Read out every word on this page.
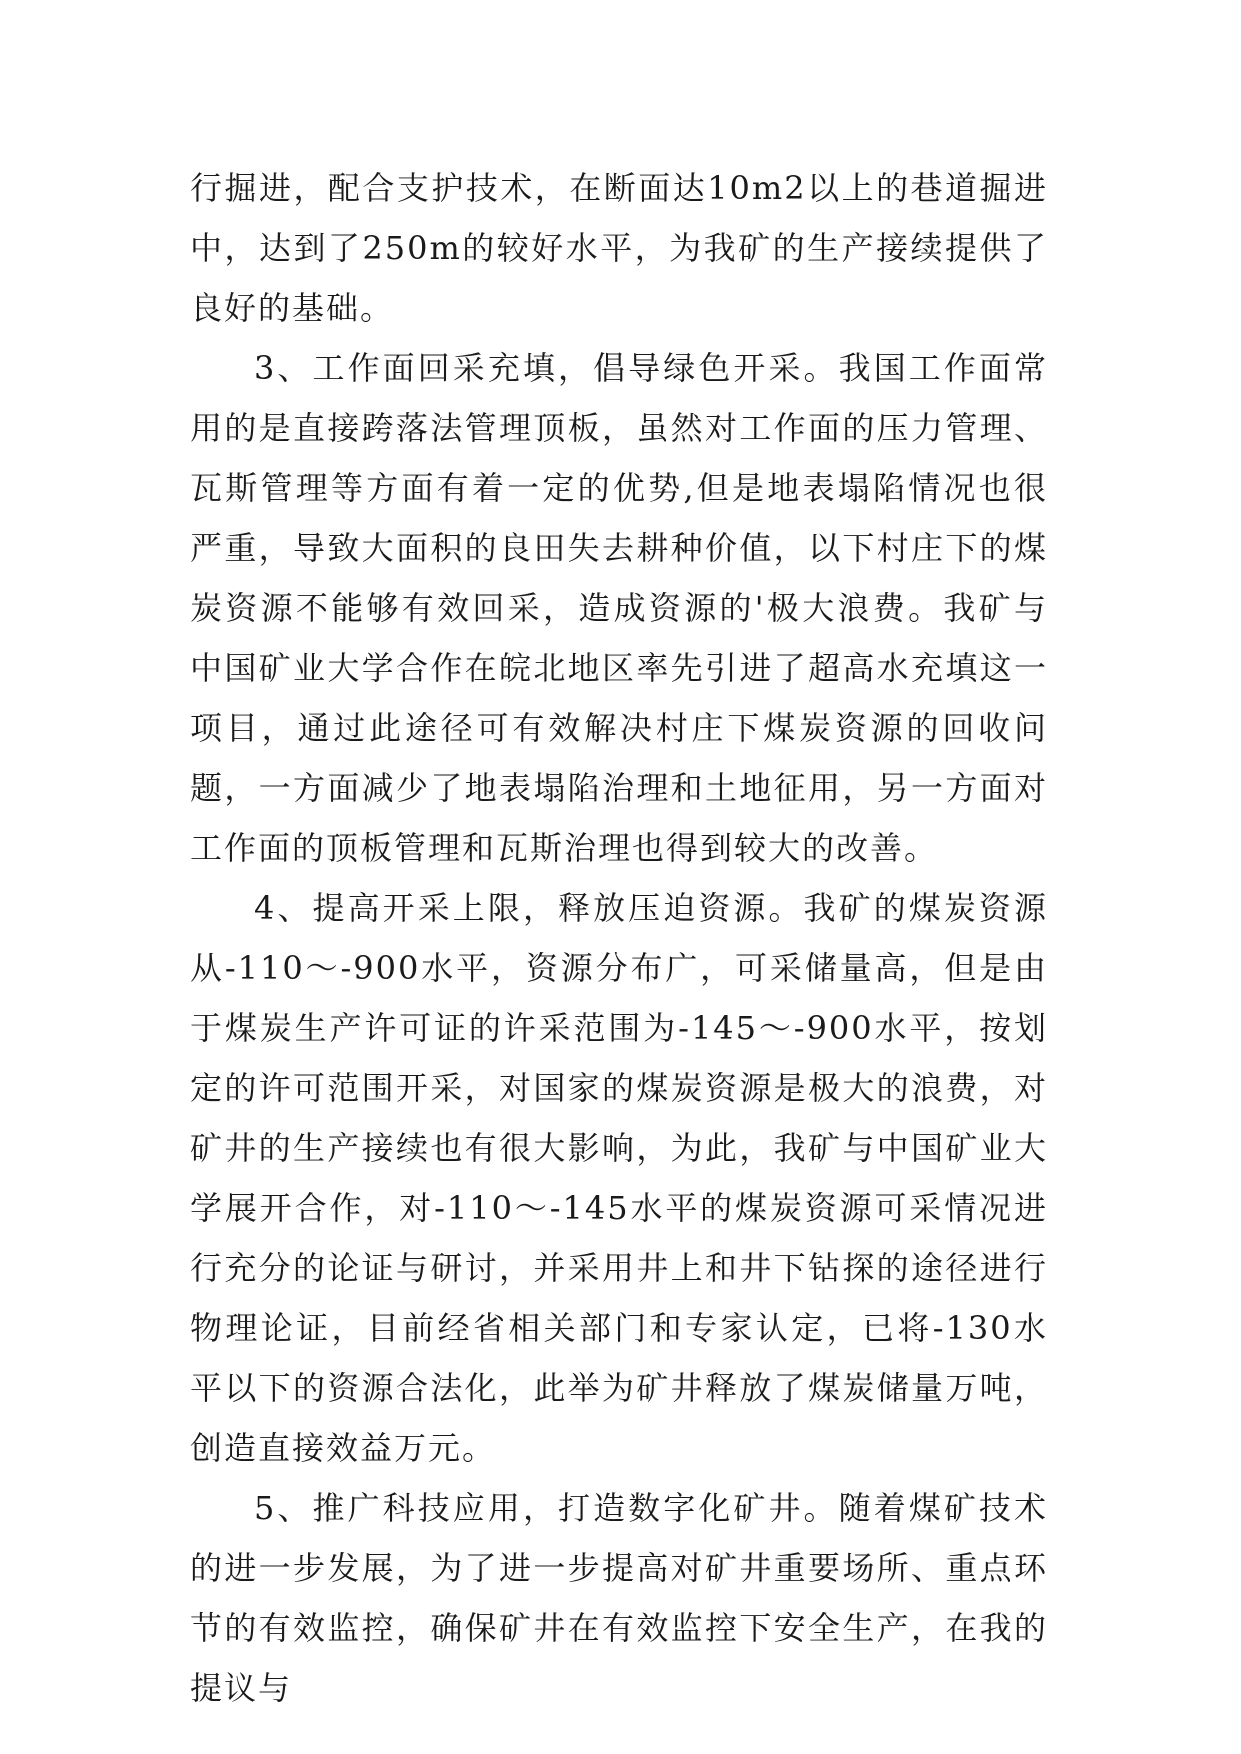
行掘进，配合支护技术，在断面达10m2以上的巷道掘进中，达到了250m的较好水平，为我矿的生产接续提供了良好的基础。

3、工作面回采充填，倡导绿色开采。我国工作面常用的是直接跨落法管理顶板，虽然对工作面的压力管理、瓦斯管理等方面有着一定的优势,但是地表塌陷情况也很严重，导致大面积的良田失去耕种价值，以下村庄下的煤炭资源不能够有效回采，造成资源的'极大浪费。我矿与中国矿业大学合作在皖北地区率先引进了超高水充填这一项目，通过此途径可有效解决村庄下煤炭资源的回收问题，一方面减少了地表塌陷治理和土地征用，另一方面对工作面的顶板管理和瓦斯治理也得到较大的改善。

4、提高开采上限，释放压迫资源。我矿的煤炭资源从-110～-900水平，资源分布广，可采储量高，但是由于煤炭生产许可证的许采范围为-145～-900水平，按划定的许可范围开采，对国家的煤炭资源是极大的浪费，对矿井的生产接续也有很大影响，为此，我矿与中国矿业大学展开合作，对-110～-145水平的煤炭资源可采情况进行充分的论证与研讨，并采用井上和井下钻探的途径进行物理论证，目前经省相关部门和专家认定，已将-130水平以下的资源合法化，此举为矿井释放了煤炭储量万吨，创造直接效益万元。

5、推广科技应用，打造数字化矿井。随着煤矿技术的进一步发展，为了进一步提高对矿井重要场所、重点环节的有效监控，确保矿井在有效监控下安全生产，在我的提议与
